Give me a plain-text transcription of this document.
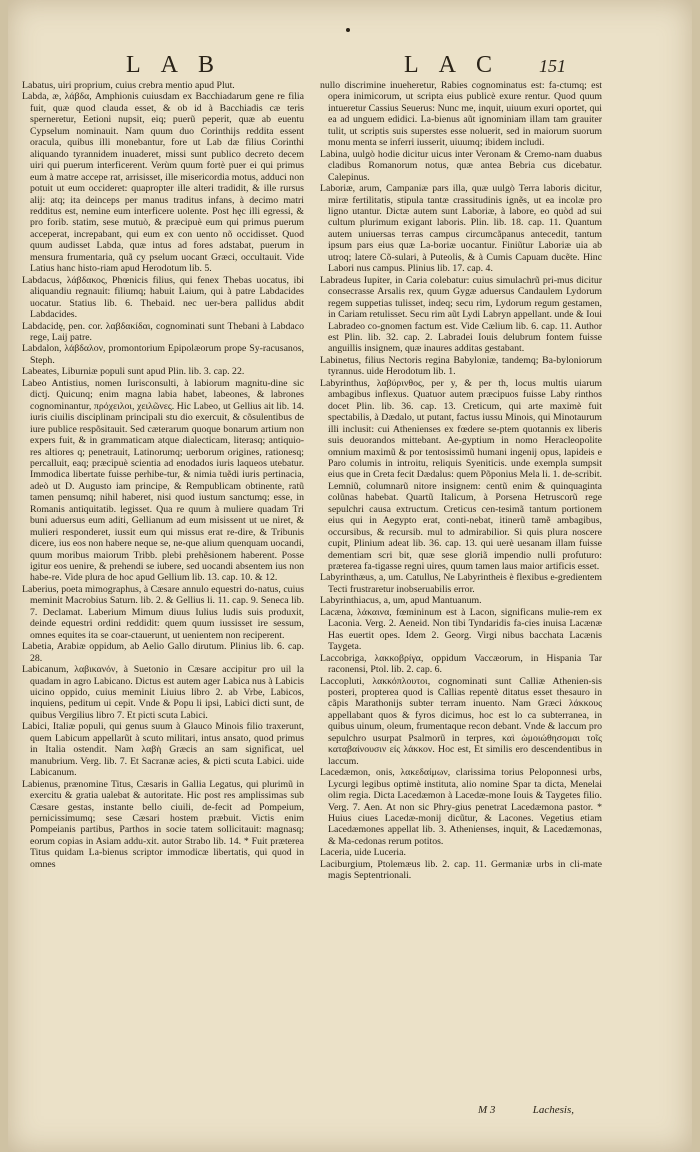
LAB	LAC 151

Labatus, uiri proprium, cuius crebra mentio apud Plut.

Labda, æ, λάβδα, Amphionis cuiusdam ex Bacchiadarum gene re filia fuit, quæ quod clauda esset, & ob id à Bacchiadis cæ teris sperneretur, Eetioni nupsit, eiq; puerũ peperit, quæ ab euentu Cypselum nominauit. Nam quum duo Corinthijs reddita essent oracula, quibus illi monebantur, fore ut Lab dæ filius Corinthi aliquando tyrannidem inuaderet, missi sunt publico decreto decem uiri qui puerum interficerent. Verùm quum fortè puer ei qui primus eum à matre accepe rat, arrisisset, ille misericordia motus, adduci non potuit ut eum occideret: quapropter ille alteri tradidit, & ille rursus alij: atq; ita deinceps per manus traditus infans, à decimo matri redditus est, nemine eum interficere uolente. Post hęc illi egressi, & pro forib. statim, sese mutuò, & præcipuè eum qui primus puerum acceperat, increpabant, qui eum ex con uento nõ occidisset. Quod quum audisset Labda, quæ intus ad fores adstabat, puerum in mensura frumentaria, quã cy pselum uocant Græci, occultauit. Vide Latius hanc histo-riam apud Herodotum lib. 5.

Labdacus, λάβδακος, Phœnicis filius, qui fenex Thebas uocatus, ibi aliquandiu regnauit: filiumq; habuit Laium, qui à patre Labdacides uocatur. Statius lib. 6. Thebaid. nec uer-bera pallidus abdit Labdacides.

Labdacidę, pen. cor. λαβδακίδαι, cognominati sunt Thebani à Labdaco rege, Laij patre.

Labdalon, λάβδαλον, promontorium Epipolæorum prope Sy-racusanos, Steph.

Labeates, Liburniæ populi sunt apud Plin. lib. 3. cap. 22.

Labeo Antistius, nomen Iurisconsulti, à labiorum magnitu-dine sic dictj. Quicunq; enim magna labia habet, labeones, & labrones cognominantur, πρόχειλοι, χειλῶνες. Hic Labeo, ut Gellius ait lib. 14. iuris ciuilis disciplinam principali stu dio exercuit, & cõsulentibus de iure publice respõsitauit. Sed cæterarum quoque bonarum artium non expers fuit, & in grammaticam atque dialecticam, literasq; antiquio-res altiores q; penetrauit, Latinorumq; uerborum origines, rationesq; percalluit, eaq; præcipuè scientia ad enodados iuris laqueos utebatur. Immodica libertate fuisse perhibe-tur, & nimia tuẽdi iuris pertinacia, adeò ut D. Augusto iam principe, & Rempublicam obtinente, ratũ tamen pensumq; nihil haberet, nisi quod iustum sanctumq; esse, in Romanis antiquitatib. legisset. Qua re quum à muliere quadam Tri buni aduersus eum aditi, Gellianum ad eum misissent ut ue niret, & mulieri responderet, iussit eum qui missus erat re-dire, & Tribunis dicere, ius eos non habere neque se, ne-que alium quenquam uocandi, quum moribus maiorum Tribb. plebi prehẽsionem haberent. Posse igitur eos uenire, & prehendi se iubere, sed uocandi absentem ius non habe-re. Vide plura de hoc apud Gellium lib. 13. cap. 10. & 12.

Laberius, poeta mimographus, à Cæsare annulo equestri do-natus, cuius meminit Macrobius Saturn. lib. 2. & Gellius li. 11. cap. 9. Seneca lib. 7. Declamat. Laberium Mimum diuus Iulius ludis suis produxit, deinde equestri ordini reddidit: quem quum iussisset ire sessum, omnes equites ita se coar-ctauerunt, ut uenientem non reciperent.

Labetia, Arabiæ oppidum, ab Aelio Gallo dirutum. Plinius lib. 6. cap. 28.

Labicanum, λαβικανόν, à Suetonio in Cæsare accipitur pro uil la quadam in agro Labicano. Dictus est autem ager Labica nus à Labicis uicino oppido, cuius meminit Liuius libro 2. ab Vrbe, Labicos, inquiens, peditum ui cepit. Vnde & Popu li ipsi, Labici dicti sunt, de quibus Vergilius libro 7. Et picti scuta Labici.

Labici, Italiæ populi, qui genus suum à Glauco Minois filio traxerunt, quem Labicum appellarũt à scuto militari, intus ansato, quod primus in Italia ostendit. Nam λαβὴ Græcis an sam significat, uel manubrium. Verg. lib. 7. Et Sacranæ acies, & picti scuta Labici. uide Labicanum.

Labienus, prænomine Titus, Cæsaris in Gallia Legatus, qui plurimũ in exercitu & gratia ualebat & autoritate. Hic post res amplissimas sub Cæsare gestas, instante bello ciuili, de-fecit ad Pompeium, pernicissimumq; sese Cæsari hostem præbuit. Victis enim Pompeianis partibus, Parthos in socie tatem sollicitauit: magnasq; eorum copias in Asiam addu-xit. autor Strabo lib. 14. * Fuit præterea Titus quidam La-bienus scriptor immodicæ libertatis, qui quod in omnes

nullo discrimine inueheretur, Rabies cognominatus est: fa-ctumq; est opera inimicorum, ut scripta eius publicè exure rentur. Quod quum intueretur Cassius Seuerus: Nunc me, inquit, uiuum exuri oportet, qui ea ad unguem edidici. La-bienus aũt ignominiam illam tam grauiter tulit, ut scriptis suis superstes esse noluerit, sed in maiorum suorum monu menta se inferri iusserit, uiuumq; ibidem includi.

Labina, uulgò hodie dicitur uicus inter Veronam & Cremo-nam duabus cladibus Romanorum notus, quæ antea Bebria cus dicebatur. Calepinus.

Laboriæ, arum, Campaniæ pars illa, quæ uulgò Terra laboris dicitur, miræ fertilitatis, stipula tantæ crassitudinis ignẽs, ut ea incolæ pro ligno utantur. Dictæ autem sunt Laboriæ, à labore, eo quòd ad sui cultum plurimum exigant laboris. Plin. lib. 18. cap. 11. Quantum autem uniuersas terras campus circumcãpanus antecedit, tantum ipsum pars eius quæ La-boriæ uocantur. Finiũtur Laboriæ uia ab utroq; latere Cõ-sulari, à Puteolis, & à Cumis Capuam ducẽte. Hinc Labori nus campus. Plinius lib. 17. cap. 4.

Labradeus Iupiter, in Caria colebatur: cuius simulachrũ pri-mus dicitur consecrasse Arsalis rex, quum Gygæ aduersus Candaulem Lydorum regem suppetias tulisset, indeq; secu rim, Lydorum regum gestamen, in Cariam retulisset. Secu rim aũt Lydi Labryn appellant. unde & Ioui Labradeo co-gnomen factum est. Vide Cælium lib. 6. cap. 11. Author est Plin. lib. 32. cap. 2. Labradei Iouis delubrum fontem fuisse anguillis insignem, quæ inaures additas gestabant.

Labinetus, filius Nectoris regina Babyloniæ, tandemq; Ba-byloniorum tyrannus. uide Herodotum lib. 1.

Labyrinthus, λαβύρινθος, per y, & per th, locus multis uiarum ambagibus inflexus. Quatuor autem præcipuos fuisse Laby rinthos docet Plin. lib. 36. cap. 13. Creticum, qui arte maximè fuit spectabilis, à Dædalo, ut putant, factus iussu Minois, qui Minotaurum illi inclusit: cui Athenienses ex fœdere se-ptem quotannis ex liberis suis deuorandos mittebant. Ae-gyptium in nomo Heracleopolite omnium maximũ & por tentosissimũ humani ingenij opus, lapideis e Paro columis in introitu, reliquis Syeniticis. unde exempla sumpsit eius que in Creta fecit Dædalus: quem Põponius Mela li. 1. de-scribit. Lemniũ, columnarũ nitore insignem: centũ enim & quinquaginta colũnas habebat. Quartũ Italicum, à Porsena Hetruscorũ rege sepulchri causa extructum. Creticus cen-tesimã tantum portionem eius qui in Aegypto erat, conti-nebat, itinerũ tamẽ ambagibus, occursibus, & recursib. mul to admirabilior. Si quis plura noscere cupit, Plinium adeat lib. 36. cap. 13. qui uerè uesanam illam fuisse dementiam scri bit, quæ sese gloriã impendio nulli profuturo: præterea fa-tigasse regni uires, quum tamen laus maior artificis esset.

Labyrinthæus, a, um. Catullus, Ne Labyrintheis è flexibus e-gredientem Tecti frustraretur inobseruabilis error.

Labyrinthiacus, a, um, apud Mantuanum.

Lacæna, λάκαινα, fœmininum est à Lacon, significans mulie-rem ex Laconia. Verg. 2. Aeneid. Non tibi Tyndaridis fa-cies inuisa Lacænæ Has euertit opes. Idem 2. Georg. Virgi nibus bacchata Lacænis Taygeta.

Laccobriga, λακκοβρίγα, oppidum Vaccæorum, in Hispania Tar raconensi, Ptol. lib. 2. cap. 6.

Laccopluti, λακκόπλουτοι, cognominati sunt Calliæ Athenien-sis posteri, propterea quod is Callias repentè ditatus esset thesauro in cãpis Marathonijs subter terram inuento. Nam Græci λάκκους appellabant quos & fyros dicimus, hoc est lo ca subterranea, in quibus uinum, oleum, frumentaque recon debant. Vnde & laccum pro sepulchro usurpat Psalmorũ in terpres, καὶ ὡμοιώθησομαι τοῖς καταβαίνουσιν εἰς λάκκον. Hoc est, Et similis ero descendentibus in laccum.

Lacedæmon, onis, λακεδαίμων, clarissima torius Peloponnesi urbs, Lycurgi legibus optimè instituta, alio nomine Spar ta dicta, Menelai olim regia. Dicta Lacedæmon à Lacedæ-mone Iouis & Taygetes filio. Verg. 7. Aen. At non sic Phry-gius penetrat Lacedæmona pastor. * Huius ciues Lacedæ-monij dicũtur, & Lacones. Vegetius etiam Lacedæmones appellat lib. 3. Athenienses, inquit, & Lacedæmonas, & Ma-cedonas rerum potitos.

Laceria, uide Luceria.

Laciburgium, Ptolemæus lib. 2. cap. 11. Germaniæ urbs in cli-mate magis Septentrionali.

M 3	Lachesis,
